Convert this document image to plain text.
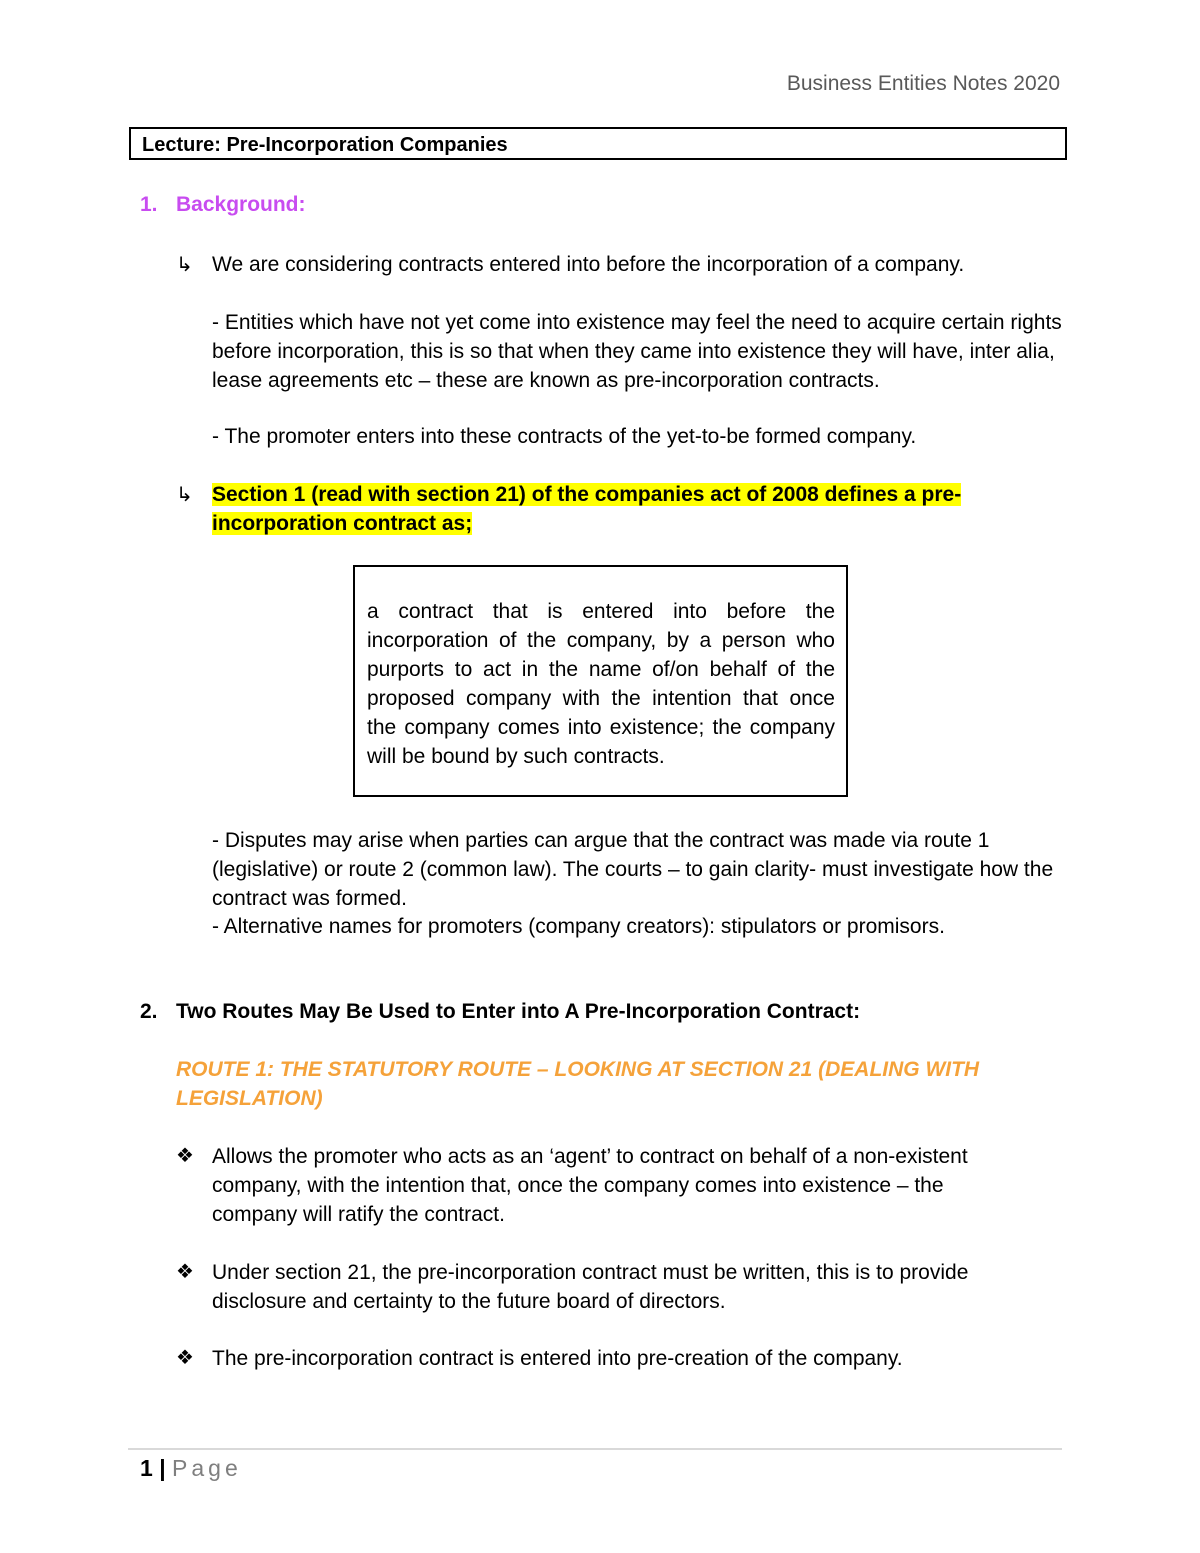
Business Entities Notes 2020
Lecture: Pre-Incorporation Companies
1. Background:
↳ We are considering contracts entered into before the incorporation of a company.
- Entities which have not yet come into existence may feel the need to acquire certain rights before incorporation, this is so that when they came into existence they will have, inter alia, lease agreements etc – these are known as pre-incorporation contracts.
- The promoter enters into these contracts of the yet-to-be formed company.
↳ Section 1 (read with section 21) of the companies act of 2008 defines a pre-incorporation contract as;

a contract that is entered into before the incorporation of the company, by a person who purports to act in the name of/on behalf of the proposed company with the intention that once the company comes into existence; the company will be bound by such contracts.

- Disputes may arise when parties can argue that the contract was made via route 1 (legislative) or route 2 (common law). The courts – to gain clarity- must investigate how the contract was formed.
- Alternative names for promoters (company creators): stipulators or promisors.
2. Two Routes May Be Used to Enter into A Pre-Incorporation Contract:
ROUTE 1: THE STATUTORY ROUTE – LOOKING AT SECTION 21 (DEALING WITH LEGISLATION)
❖ Allows the promoter who acts as an ‘agent’ to contract on behalf of a non-existent company, with the intention that, once the company comes into existence – the company will ratify the contract.
❖ Under section 21, the pre-incorporation contract must be written, this is to provide disclosure and certainty to the future board of directors.
❖ The pre-incorporation contract is entered into pre-creation of the company.
1 | Page
